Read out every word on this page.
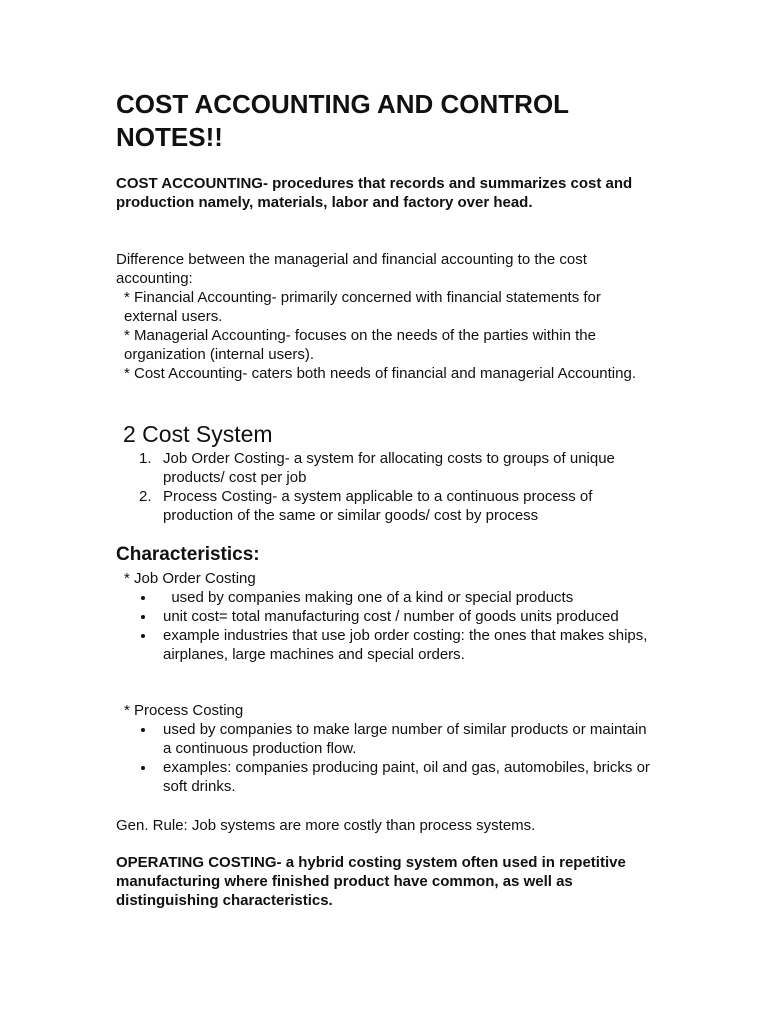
COST ACCOUNTING AND CONTROL NOTES!!

COST ACCOUNTING- procedures that records and summarizes cost and production namely, materials, labor and factory over head.

Difference between the managerial and financial accounting to the cost accounting:

* Financial Accounting- primarily concerned with financial statements for external users.

* Managerial Accounting- focuses on the needs of the parties within the organization (internal users).

* Cost Accounting- caters both needs of financial and managerial Accounting.

2 Cost System
1. Job Order Costing- a system for allocating costs to groups of unique products/ cost per job
2. Process Costing- a system applicable to a continuous process of production of the same or similar goods/ cost by process
Characteristics:

* Job Order Costing

used by companies making one of a kind or special products
unit cost= total manufacturing cost / number of goods units produced
example industries that use job order costing: the ones that makes ships, airplanes, large machines and special orders.

* Process Costing

used by companies to make large number of similar products or maintain a continuous production flow.
examples: companies producing paint, oil and gas, automobiles, bricks or soft drinks.

Gen. Rule: Job systems are more costly than process systems.

OPERATING COSTING- a hybrid costing system often used in repetitive manufacturing where finished product have common, as well as distinguishing characteristics.
